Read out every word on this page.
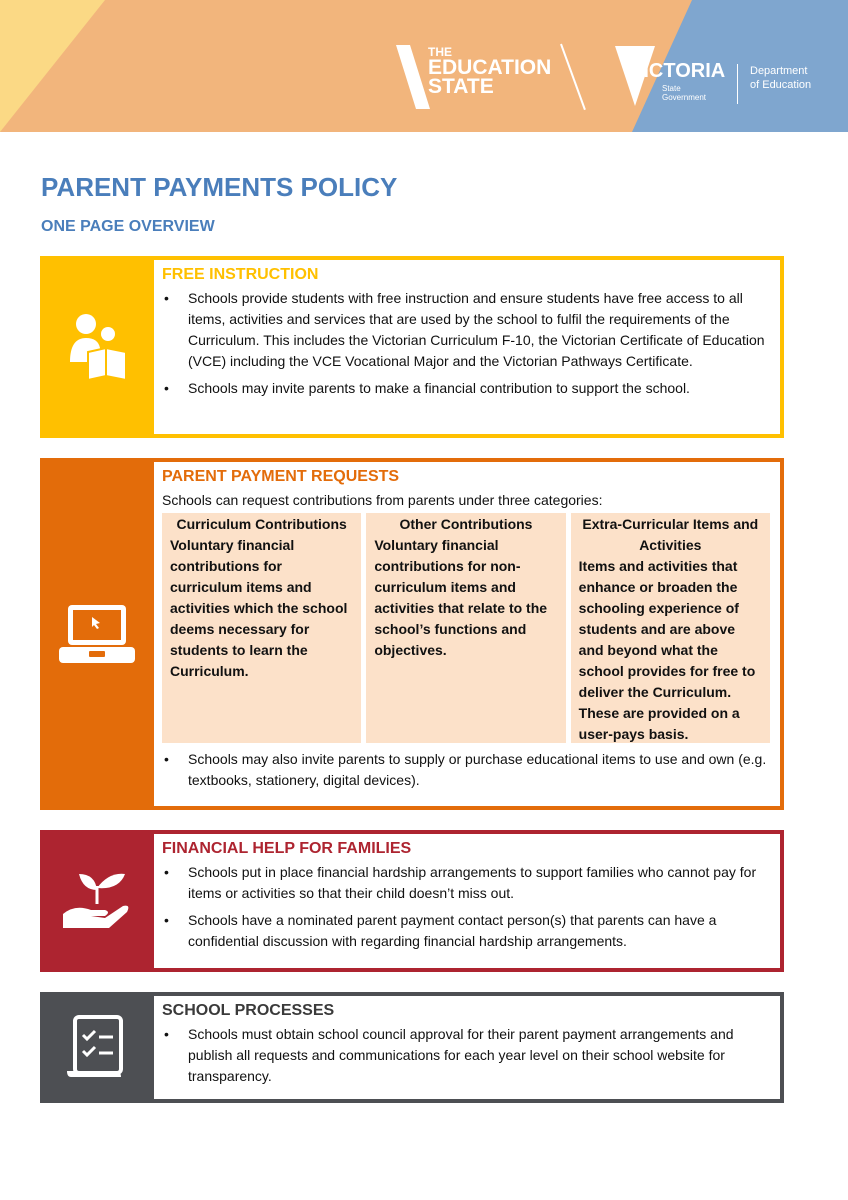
THE
EDUCATION
STATE
VICTORIA
State
Government
Department
of Education
PARENT PAYMENTS POLICY
ONE PAGE OVERVIEW
FREE INSTRUCTION
• Schools provide students with free instruction and ensure students have free access to all items, activities and services that are used by the school to fulfil the requirements of the Curriculum. This includes the Victorian Curriculum F-10, the Victorian Certificate of Education (VCE) including the VCE Vocational Major and the Victorian Pathways Certificate.
• Schools may invite parents to make a financial contribution to support the school.
PARENT PAYMENT REQUESTS
Schools can request contributions from parents under three categories:
Curriculum Contributions

Voluntary financial contributions for curriculum items and activities which the school deems necessary for students to learn the Curriculum.

Other Contributions

Voluntary financial contributions for non-curriculum items and activities that relate to the school’s functions and objectives.

Extra-Curricular Items and Activities

Items and activities that enhance or broaden the schooling experience of students and are above and beyond what the school provides for free to deliver the Curriculum. These are provided on a user-pays basis.

• Schools may also invite parents to supply or purchase educational items to use and own (e.g. textbooks, stationery, digital devices).
FINANCIAL HELP FOR FAMILIES
• Schools put in place financial hardship arrangements to support families who cannot pay for items or activities so that their child doesn’t miss out.
• Schools have a nominated parent payment contact person(s) that parents can have a confidential discussion with regarding financial hardship arrangements.
SCHOOL PROCESSES
• Schools must obtain school council approval for their parent payment arrangements and publish all requests and communications for each year level on their school website for transparency.
